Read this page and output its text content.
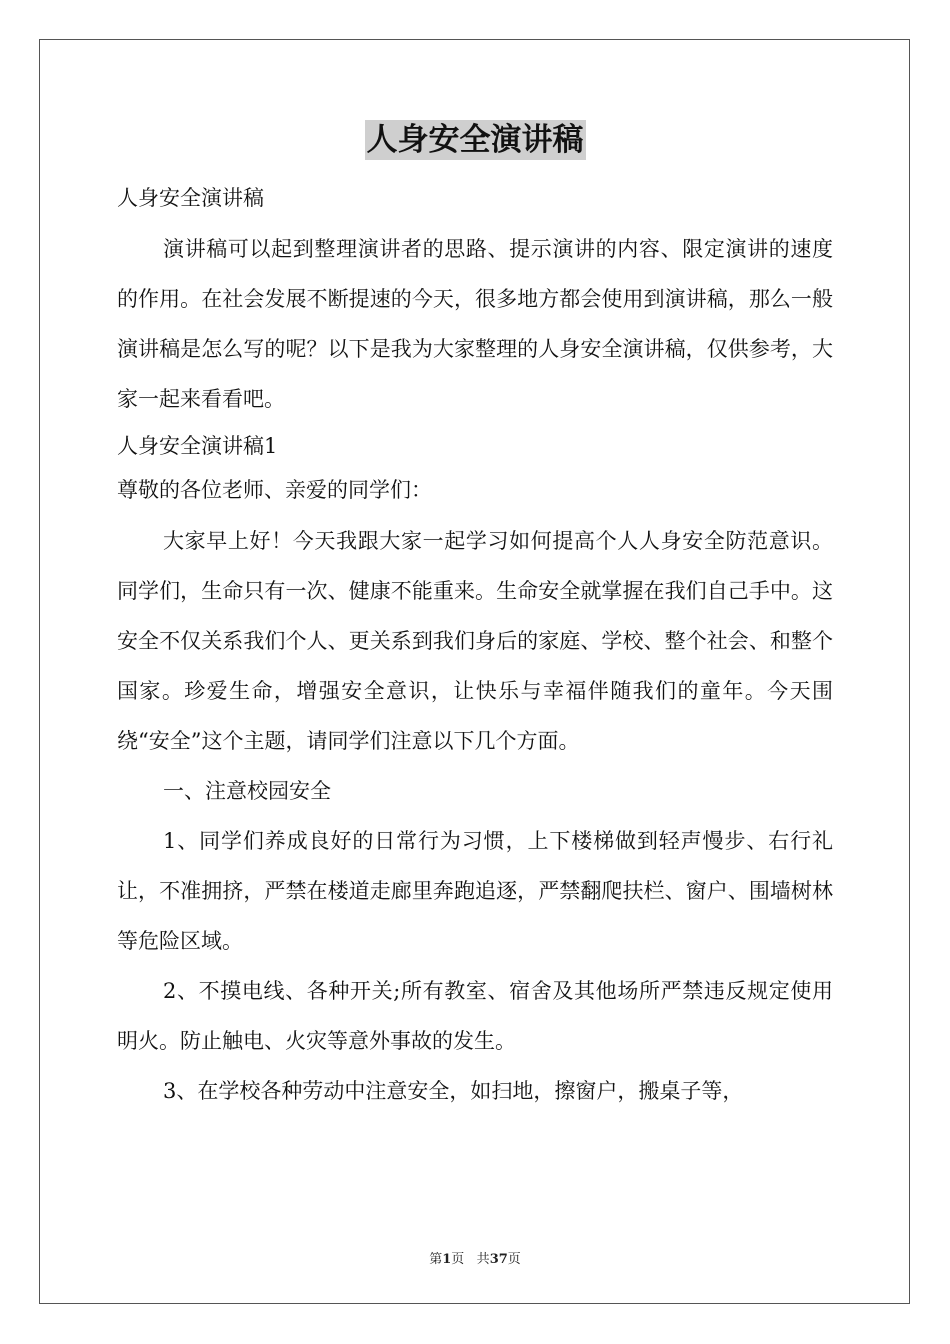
人身安全演讲稿

人身安全演讲稿

演讲稿可以起到整理演讲者的思路、提示演讲的内容、限定演讲的速度的作用。在社会发展不断提速的今天，很多地方都会使用到演讲稿，那么一般演讲稿是怎么写的呢？以下是我为大家整理的人身安全演讲稿，仅供参考，大家一起来看看吧。

人身安全演讲稿1

尊敬的各位老师、亲爱的同学们：

大家早上好！今天我跟大家一起学习如何提高个人人身安全防范意识。同学们，生命只有一次、健康不能重来。生命安全就掌握在我们自己手中。这安全不仅关系我们个人、更关系到我们身后的家庭、学校、整个社会、和整个国家。珍爱生命，增强安全意识，让快乐与幸福伴随我们的童年。今天围绕“安全”这个主题，请同学们注意以下几个方面。

一、注意校园安全

1、同学们养成良好的日常行为习惯，上下楼梯做到轻声慢步、右行礼让，不准拥挤，严禁在楼道走廊里奔跑追逐，严禁翻爬扶栏、窗户、围墙树林等危险区域。

2、不摸电线、各种开关;所有教室、宿舍及其他场所严禁违反规定使用明火。防止触电、火灾等意外事故的发生。

3、在学校各种劳动中注意安全，如扫地，擦窗户，搬桌子等，

第1页 共37页
